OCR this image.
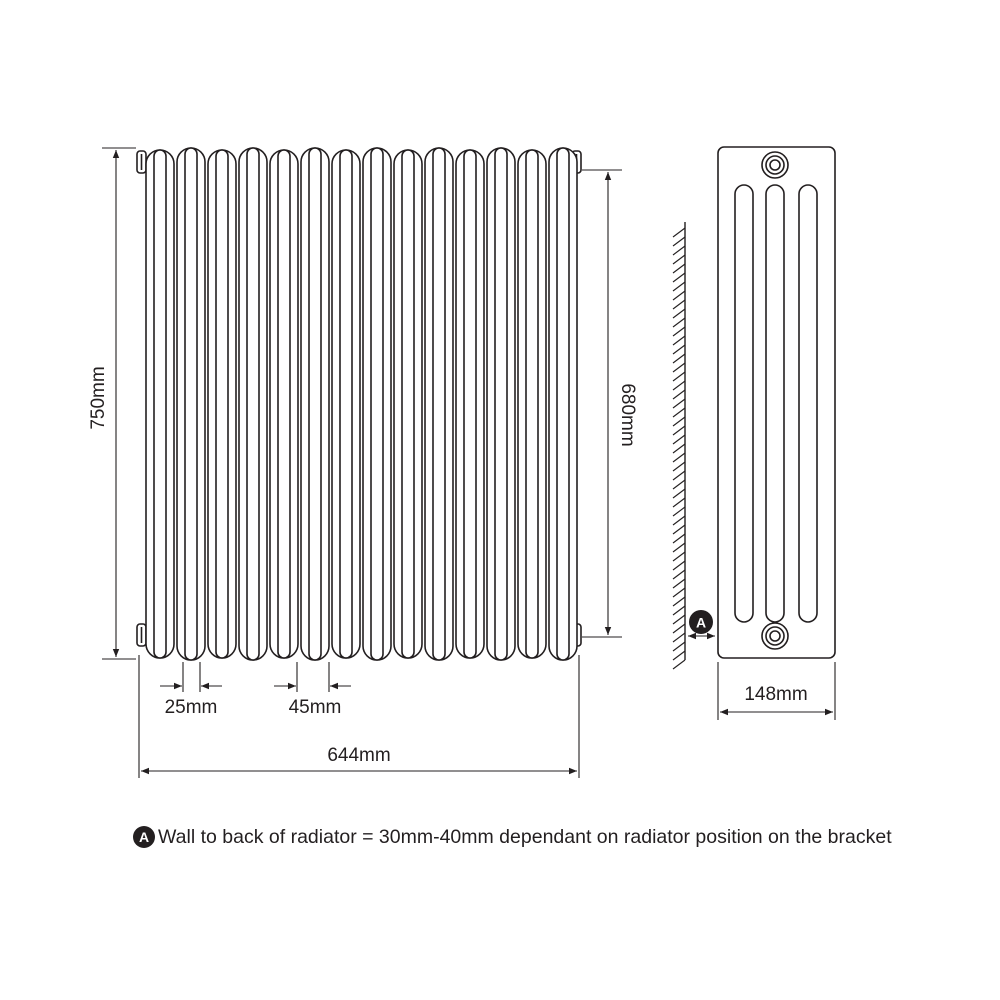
750mm	680mm
25mm	45mm
644mm
148mm
A
A Wall to back of radiator = 30mm-40mm dependant on radiator position on the bracket
